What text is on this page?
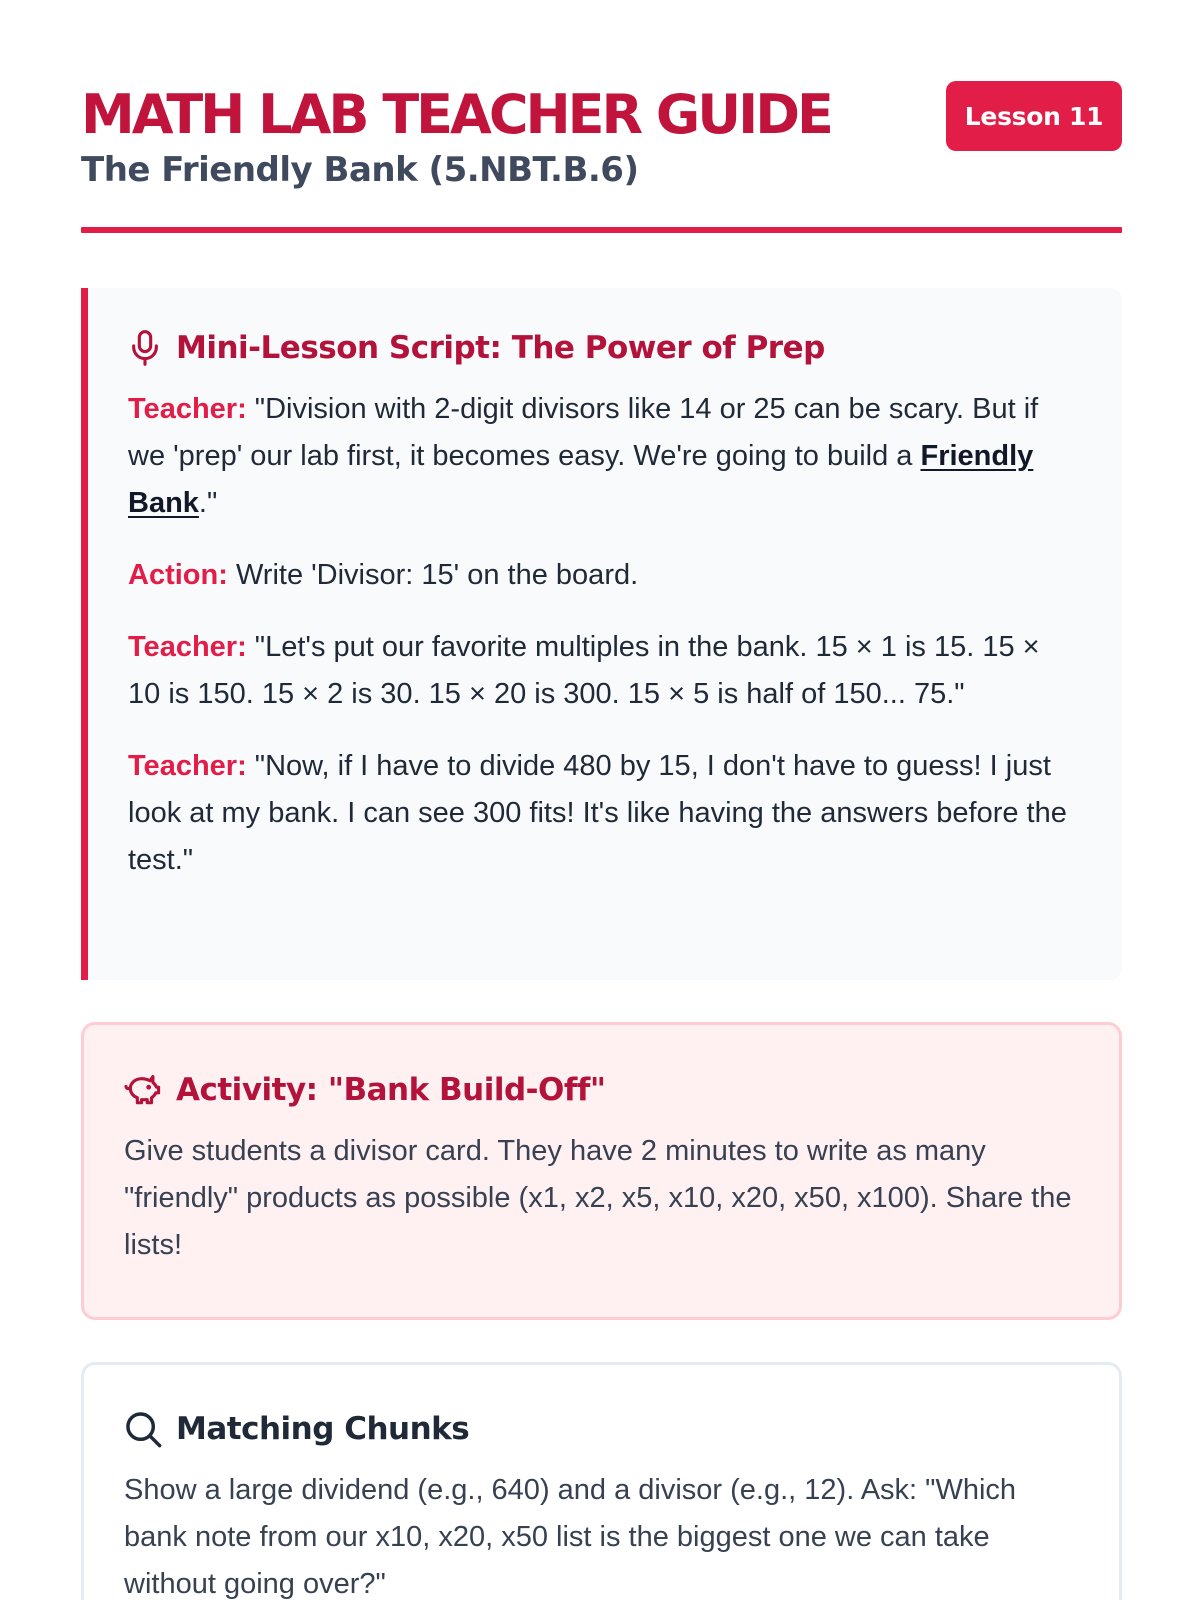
MATH LAB TEACHER GUIDE
The Friendly Bank (5.NBT.B.6)
Lesson 11
Mini-Lesson Script: The Power of Prep

Teacher: "Division with 2-digit divisors like 14 or 25 can be scary. But if we 'prep' our lab first, it becomes easy. We're going to build a Friendly Bank."

Action: Write 'Divisor: 15' on the board.

Teacher: "Let's put our favorite multiples in the bank. 15 × 1 is 15. 15 × 10 is 150. 15 × 2 is 30. 15 × 20 is 300. 15 × 5 is half of 150... 75."

Teacher: "Now, if I have to divide 480 by 15, I don't have to guess! I just look at my bank. I can see 300 fits! It's like having the answers before the test."

Activity: "Bank Build-Off"

Give students a divisor card. They have 2 minutes to write as many "friendly" products as possible (x1, x2, x5, x10, x20, x50, x100). Share the lists!

Matching Chunks

Show a large dividend (e.g., 640) and a divisor (e.g., 12). Ask: "Which bank note from our x10, x20, x50 list is the biggest one we can take without going over?"
